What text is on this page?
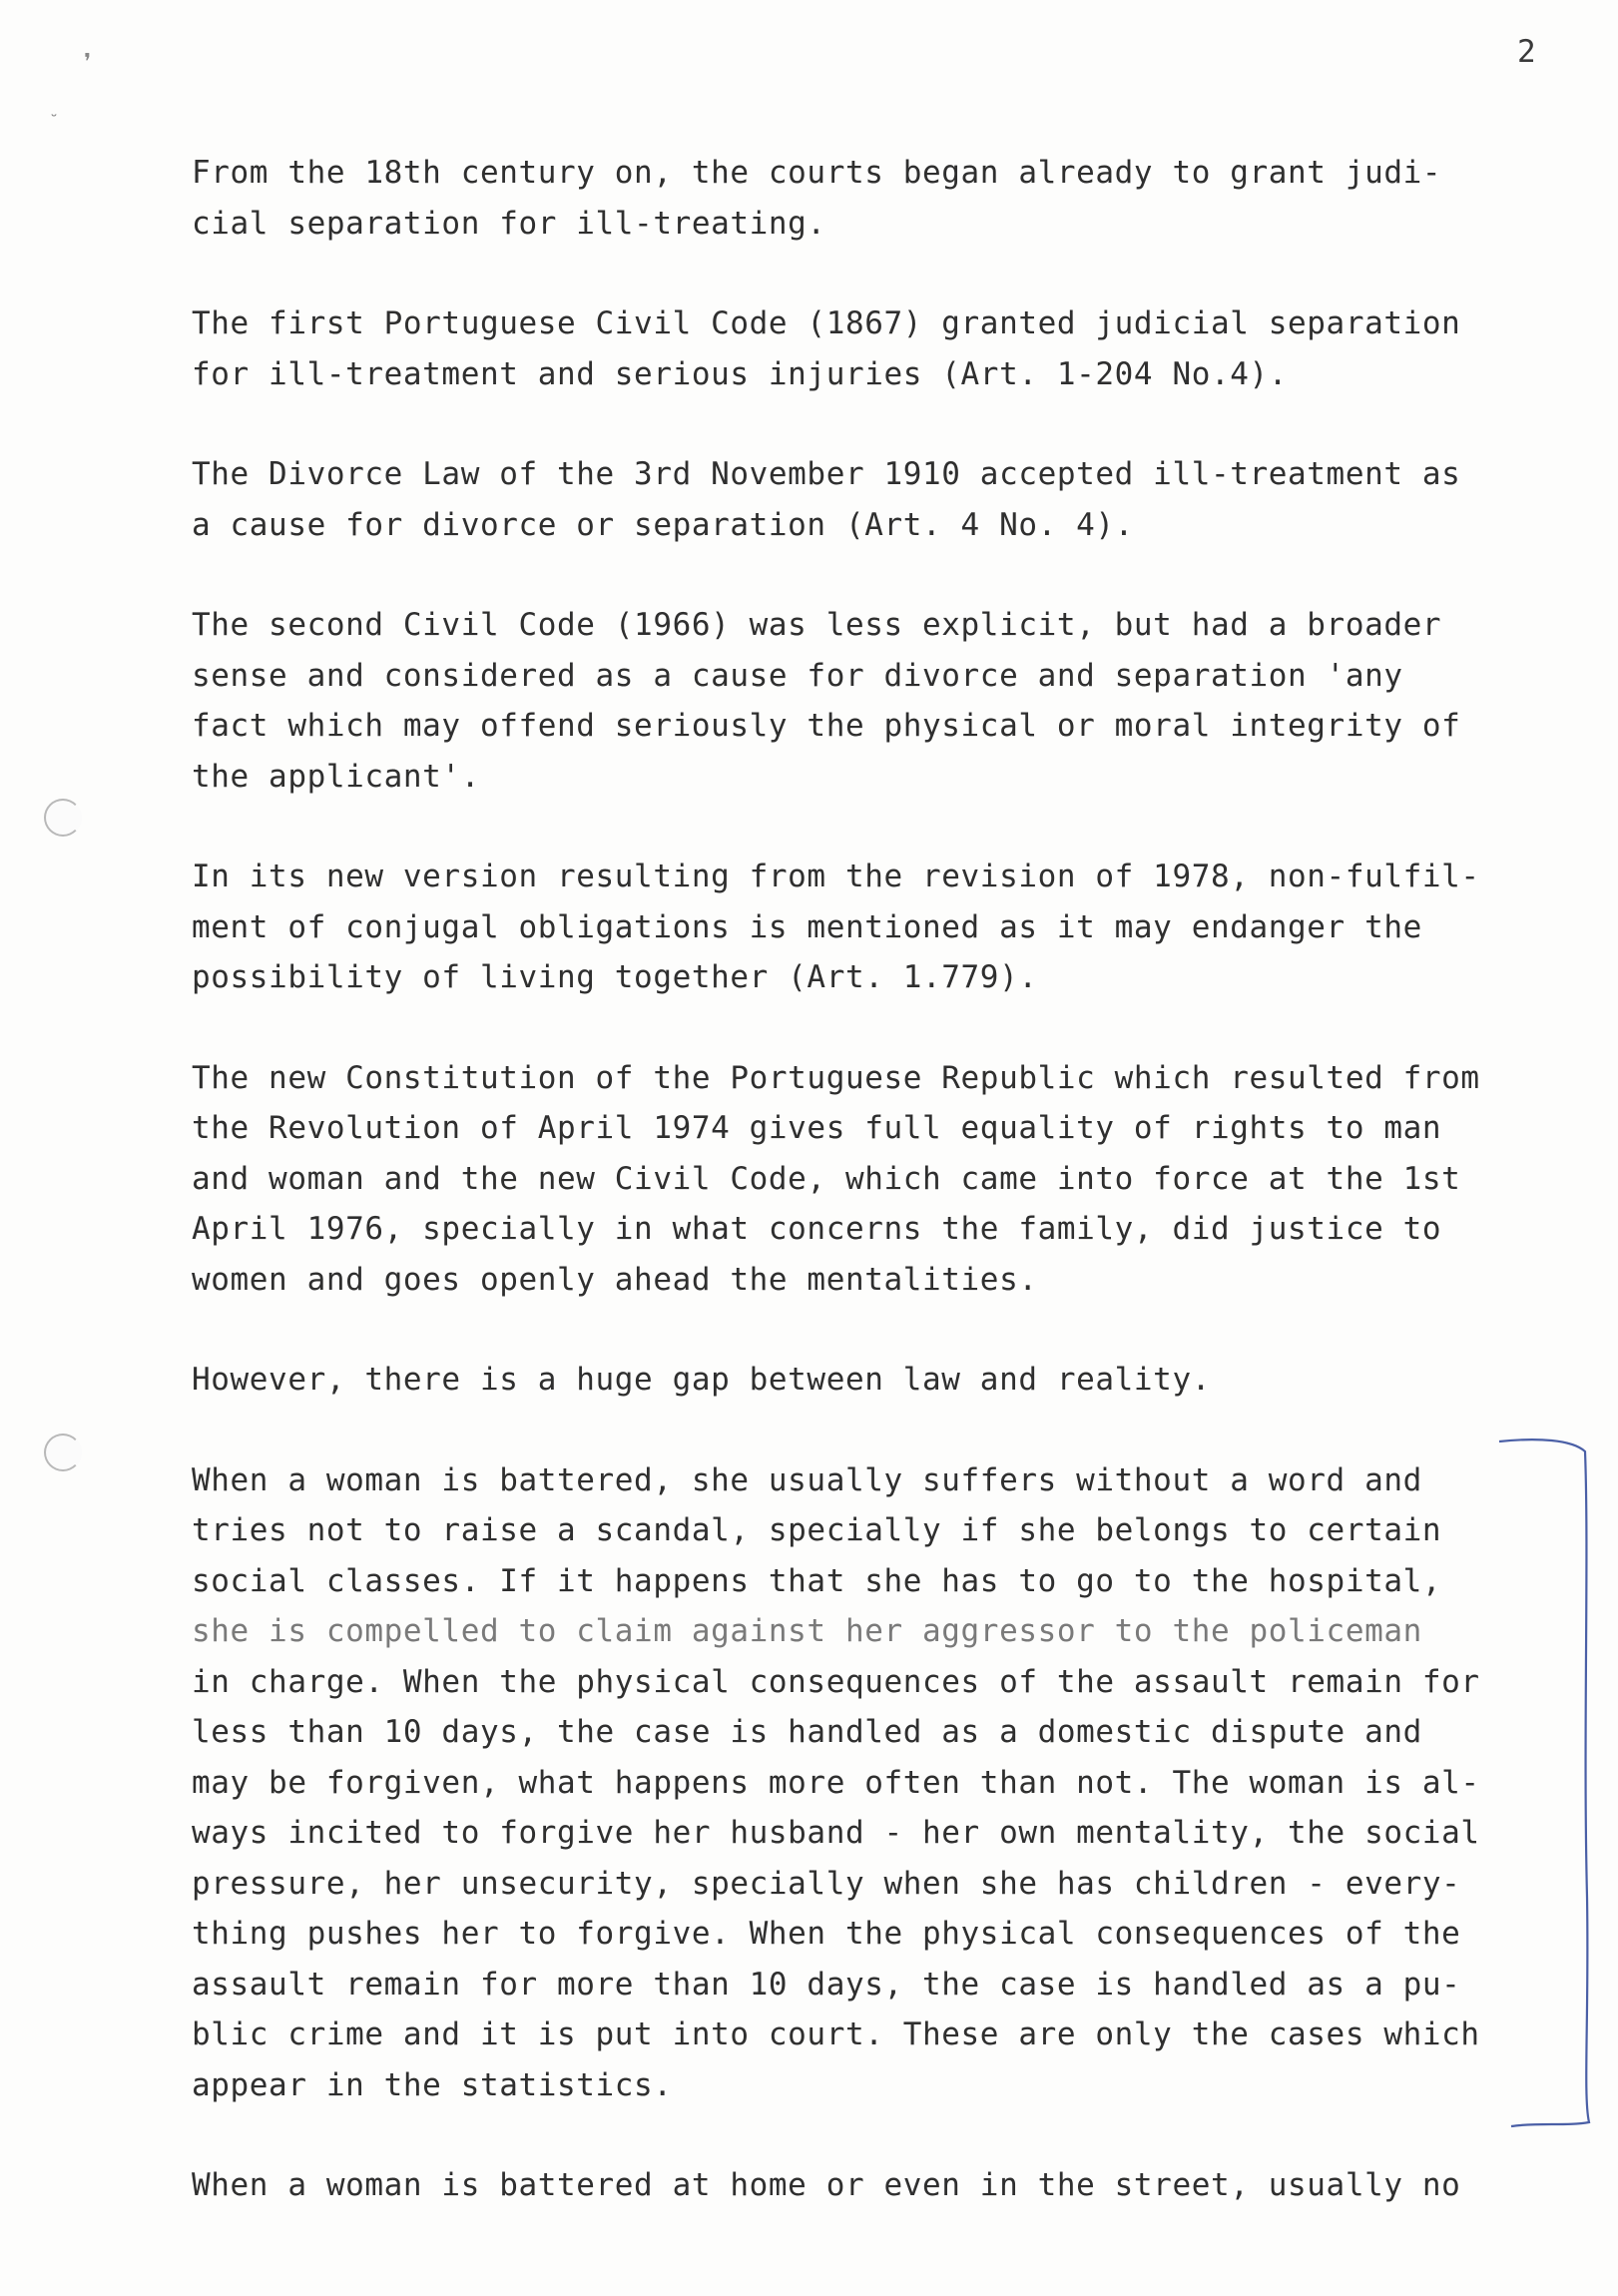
❜
˘
2
From the 18th century on, the courts began already to grant judi-
cial separation for ill-treating.
The first Portuguese Civil Code (1867) granted judicial separation
for ill-treatment and serious injuries (Art. 1-204 No.4).
The Divorce Law of the 3rd November 1910 accepted ill-treatment as
a cause for divorce or separation (Art. 4 No. 4).
The second Civil Code (1966) was less explicit, but had a broader
sense and considered as a cause for divorce and separation 'any
fact which may offend seriously the physical or moral integrity of
the applicant'.
In its new version resulting from the revision of 1978, non-fulfil-
ment of conjugal obligations is mentioned as it may endanger the
possibility of living together (Art. 1.779).
The new Constitution of the Portuguese Republic which resulted from
the Revolution of April 1974 gives full equality of rights to man
and woman and the new Civil Code, which came into force at the 1st
April 1976, specially in what concerns the family, did justice to
women and goes openly ahead the mentalities.
However, there is a huge gap between law and reality.
When a woman is battered, she usually suffers without a word and
tries not to raise a scandal, specially if she belongs to certain
social classes. If it happens that she has to go to the hospital,
she is compelled to claim against her aggressor to the policeman
in charge. When the physical consequences of the assault remain for
less than 10 days, the case is handled as a domestic dispute and
may be forgiven, what happens more often than not. The woman is al-
ways incited to forgive her husband - her own mentality, the social
pressure, her unsecurity, specially when she has children - every-
thing pushes her to forgive. When the physical consequences of the
assault remain for more than 10 days, the case is handled as a pu-
blic crime and it is put into court. These are only the cases which
appear in the statistics.
When a woman is battered at home or even in the street, usually no
